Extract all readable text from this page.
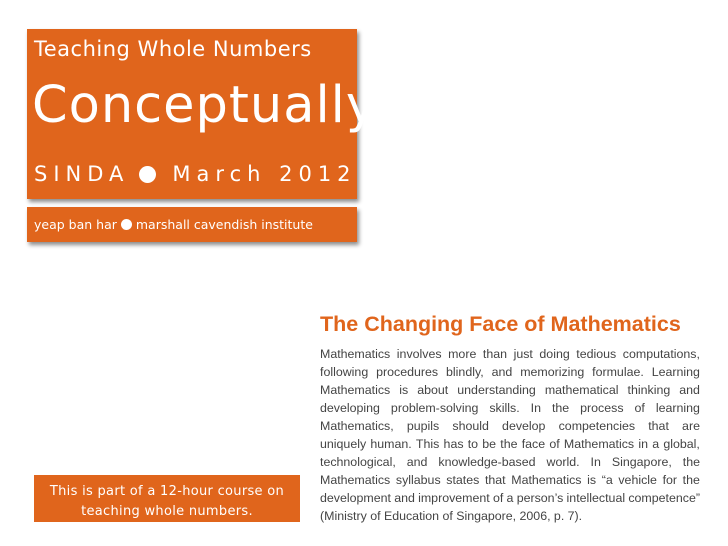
Teaching Whole Numbers
Conceptually
SINDA March 2012
yeap ban har marshall cavendish institute
The Changing Face of Mathematics
Mathematics involves more than just doing tedious computations,
following procedures blindly, and memorizing formulae. Learning
Mathematics is about understanding mathematical thinking and
developing problem-solving skills. In the process of learning
Mathematics, pupils should develop competencies that are
uniquely human. This has to be the face of Mathematics in a global,
technological, and knowledge-based world. In Singapore, the
Mathematics syllabus states that Mathematics is “a vehicle for the
development and improvement of a person’s intellectual competence”
(Ministry of Education of Singapore, 2006, p. 7).
This is part of a 12-hour course on
teaching whole numbers.
